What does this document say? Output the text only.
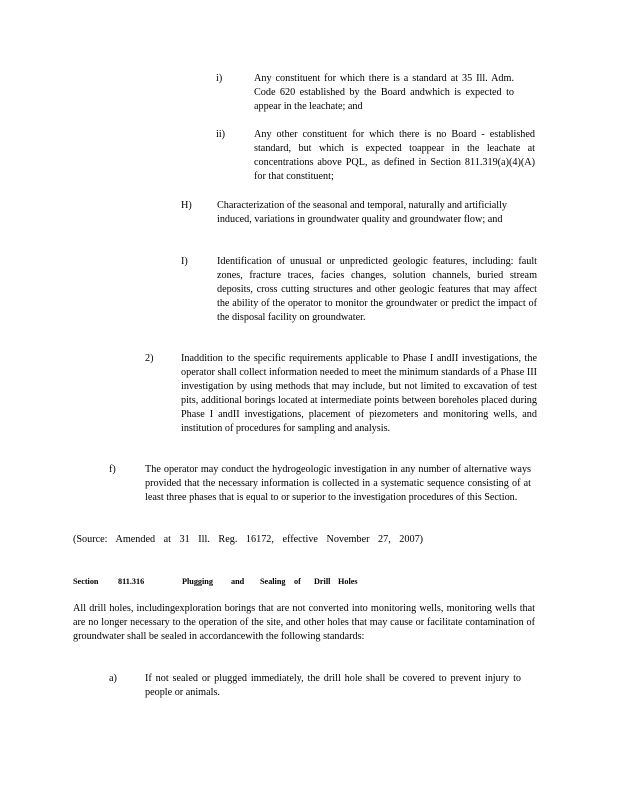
i)	Any constituent for which there is a standard at 35 Ill. Adm. Code 620 established by the Board andwhich is expected to appear in the leachate; and
ii)	Any other constituent for which there is no Board - established standard, but which is expected toappear in the leachate at concentrations above PQL, as defined in Section 811.319(a)(4)(A) for that constituent;
H) Characterization of the seasonal and temporal, naturally and artificially induced, variations in groundwater quality and groundwater flow; and
I)	Identification of unusual or unpredicted geologic features, including: fault zones, fracture traces, facies changes, solution channels, buried stream deposits, cross cutting structures and other geologic features that may affect the ability of the operator to monitor the groundwater or predict the impact of the disposal facility on groundwater.
2)	Inaddition to the specific requirements applicable to Phase I andII investigations, the operator shall collect information needed to meet the minimum standards of a Phase III investigation by using methods that may include, but not limited to excavation of test pits, additional borings located at intermediate points between boreholes placed during Phase I andII investigations, placement of piezometers and monitoring wells, and institution of procedures for sampling and analysis.
f)	The operator may conduct the hydrogeologic investigation in any number of alternative ways provided that the necessary information is collected in a systematic sequence consisting of at least three phases that is equal to or superior to the investigation procedures of this Section.
(Source: Amended at 31 Ill. Reg. 16172, effective November 27, 2007)
Section 811.316	Plugging and Sealing of Drill Holes
All drill holes, includingexploration borings that are not converted into monitoring wells, monitoring wells that are no longer necessary to the operation of the site, and other holes that may cause or facilitate contamination of groundwater shall be sealed in accordancewith the following standards:
a)	If not sealed or plugged immediately, the drill hole shall be covered to prevent injury to people or animals.
